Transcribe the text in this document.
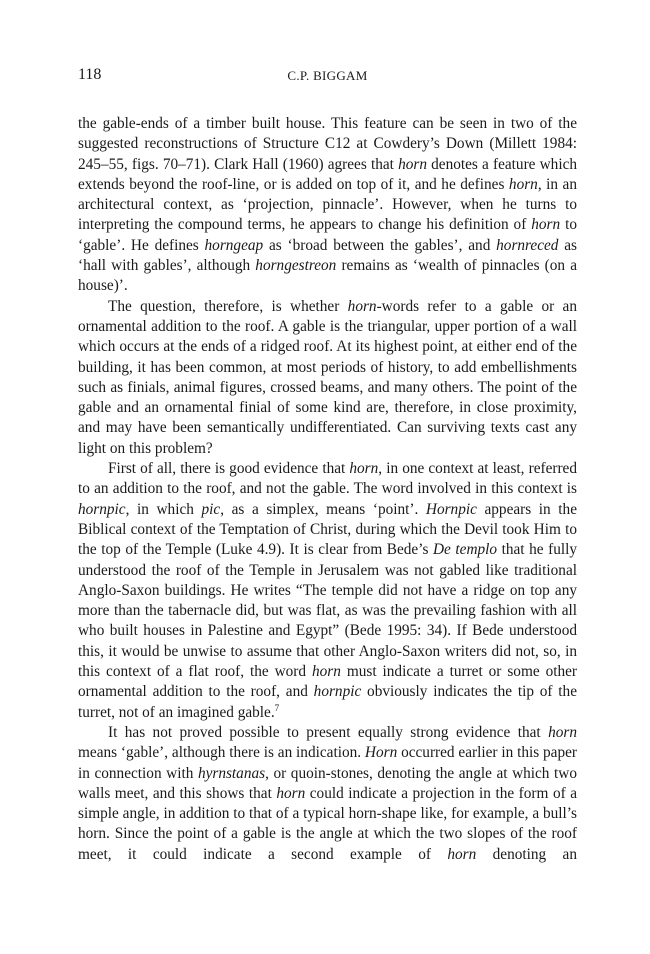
118	C.P. BIGGAM

the gable-ends of a timber built house. This feature can be seen in two of the suggested reconstructions of Structure C12 at Cowdery’s Down (Millett 1984: 245–55, figs. 70–71). Clark Hall (1960) agrees that horn denotes a feature which extends beyond the roof-line, or is added on top of it, and he defines horn, in an architectural context, as ‘projection, pinnacle’. However, when he turns to interpreting the compound terms, he appears to change his definition of horn to ‘gable’. He defines horngeap as ‘broad between the gables’, and hornreced as ‘hall with gables’, although horngestreon remains as ‘wealth of pinnacles (on a house)’.

The question, therefore, is whether horn-words refer to a gable or an ornamental addition to the roof. A gable is the triangular, upper portion of a wall which occurs at the ends of a ridged roof. At its highest point, at either end of the building, it has been common, at most periods of history, to add embellishments such as finials, animal figures, crossed beams, and many others. The point of the gable and an ornamental finial of some kind are, therefore, in close proximity, and may have been semantically undifferentiated. Can surviving texts cast any light on this problem?

First of all, there is good evidence that horn, in one context at least, referred to an addition to the roof, and not the gable. The word involved in this context is hornpic, in which pic, as a simplex, means ‘point’. Hornpic appears in the Biblical context of the Temptation of Christ, during which the Devil took Him to the top of the Temple (Luke 4.9). It is clear from Bede’s De templo that he fully understood the roof of the Temple in Jerusalem was not gabled like traditional Anglo-Saxon buildings. He writes “The temple did not have a ridge on top any more than the tabernacle did, but was flat, as was the prevailing fashion with all who built houses in Palestine and Egypt” (Bede 1995: 34). If Bede understood this, it would be unwise to assume that other Anglo-Saxon writers did not, so, in this context of a flat roof, the word horn must indicate a turret or some other ornamental addition to the roof, and hornpic obviously indicates the tip of the turret, not of an imagined gable.$^7$

It has not proved possible to present equally strong evidence that horn means ‘gable’, although there is an indication. Horn occurred earlier in this paper in connection with hyrnstanas, or quoin-stones, denoting the angle at which two walls meet, and this shows that horn could indicate a projection in the form of a simple angle, in addition to that of a typical horn-shape like, for example, a bull’s horn. Since the point of a gable is the angle at which the two slopes of the roof meet, it could indicate a second example of horn denoting an
